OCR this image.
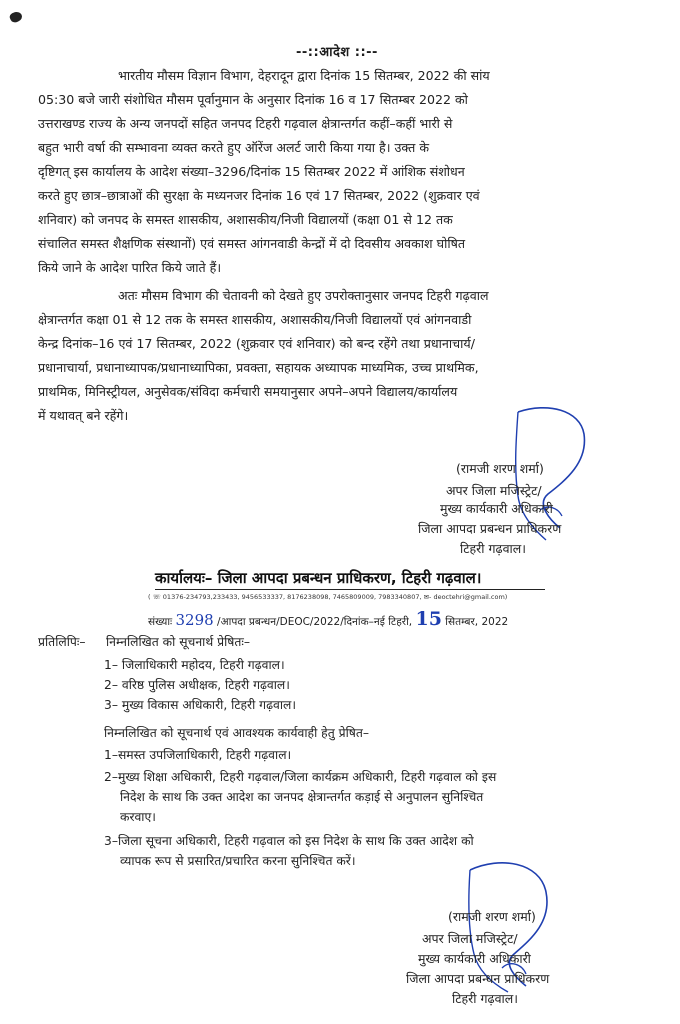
--::आदेश ::--
भारतीय मौसम विज्ञान विभाग, देहरादून द्वारा दिनांक 15 सितम्बर, 2022 की सांय
05:30 बजे जारी संशोधित मौसम पूर्वानुमान के अनुसार दिनांक 16 व 17 सितम्बर 2022 को
उत्तराखण्ड राज्य के अन्य जनपदों सहित जनपद टिहरी गढ़वाल क्षेत्रान्तर्गत कहीं–कहीं भारी से
बहुत भारी वर्षा की सम्भावना व्यक्त करते हुए ऑरेंज अलर्ट जारी किया गया है। उक्त के
दृष्टिगत् इस कार्यालय के आदेश संख्या–3296/दिनांक 15 सितम्बर 2022 में आंशिक संशोधन
करते हुए छात्र–छात्राओं की सुरक्षा के मध्यनजर दिनांक 16 एवं 17 सितम्बर, 2022 (शुक्रवार एवं
शनिवार) को जनपद के समस्त शासकीय, अशासकीय/निजी विद्यालयों (कक्षा 01 से 12 तक
संचालित समस्त शैक्षणिक संस्थानों) एवं समस्त आंगनवाडी केन्द्रों में दो दिवसीय अवकाश घोषित
किये जाने के आदेश पारित किये जाते हैं।
अतः मौसम विभाग की चेतावनी को देखते हुए उपरोक्तानुसार जनपद टिहरी गढ़वाल
क्षेत्रान्तर्गत कक्षा 01 से 12 तक के समस्त शासकीय, अशासकीय/निजी विद्यालयों एवं आंगनवाडी
केन्द्र दिनांक–16 एवं 17 सितम्बर, 2022 (शुक्रवार एवं शनिवार) को बन्द रहेंगे तथा प्रधानाचार्य/
प्रधानाचार्या, प्रधानाध्यापक/प्रधानाध्यापिका, प्रवक्ता, सहायक अध्यापक माध्यमिक, उच्च प्राथमिक,
प्राथमिक, मिनिस्ट्रीयल, अनुसेवक/संविदा कर्मचारी समयानुसार अपने–अपने विद्यालय/कार्यालय
में यथावत् बने रहेंगे।
(रामजी शरण शर्मा)
अपर जिला मजिस्ट्रेट/
मुख्य कार्यकारी अधिकारी
जिला आपदा प्रबन्धन प्राधिकरण
टिहरी गढ़वाल।
कार्यालयः– जिला आपदा प्रबन्धन प्राधिकरण, टिहरी गढ़वाल।
( ☏ 01376-234793,233433, 9456533337, 8176238098, 7465809009, 7983340807, ✉- deoctehri@gmail.com)
संख्याः 3298 /आपदा प्रबन्धन/DEOC/2022/दिनांक–नई टिहरी, 15 सितम्बर, 2022
प्रतिलिपिः– निम्नलिखित को सूचनार्थ प्रेषितः–
1– जिलाधिकारी महोदय, टिहरी गढ़वाल।
2– वरिष्ठ पुलिस अधीक्षक, टिहरी गढ़वाल।
3– मुख्य विकास अधिकारी, टिहरी गढ़वाल।
निम्नलिखित को सूचनार्थ एवं आवश्यक कार्यवाही हेतु प्रेषित–
1–समस्त उपजिलाधिकारी, टिहरी गढ़वाल।
2–मुख्य शिक्षा अधिकारी, टिहरी गढ़वाल/जिला कार्यक्रम अधिकारी, टिहरी गढ़वाल को इस
निदेश के साथ कि उक्त आदेश का जनपद क्षेत्रान्तर्गत कड़ाई से अनुपालन सुनिश्चित
करवाए।
3–जिला सूचना अधिकारी, टिहरी गढ़वाल को इस निदेश के साथ कि उक्त आदेश को
व्यापक रूप से प्रसारित/प्रचारित करना सुनिश्चित करें।
(रामजी शरण शर्मा)
अपर जिला मजिस्ट्रेट/
मुख्य कार्यकारी अधिकारी
जिला आपदा प्रबन्धन प्राधिकरण
टिहरी गढ़वाल।
